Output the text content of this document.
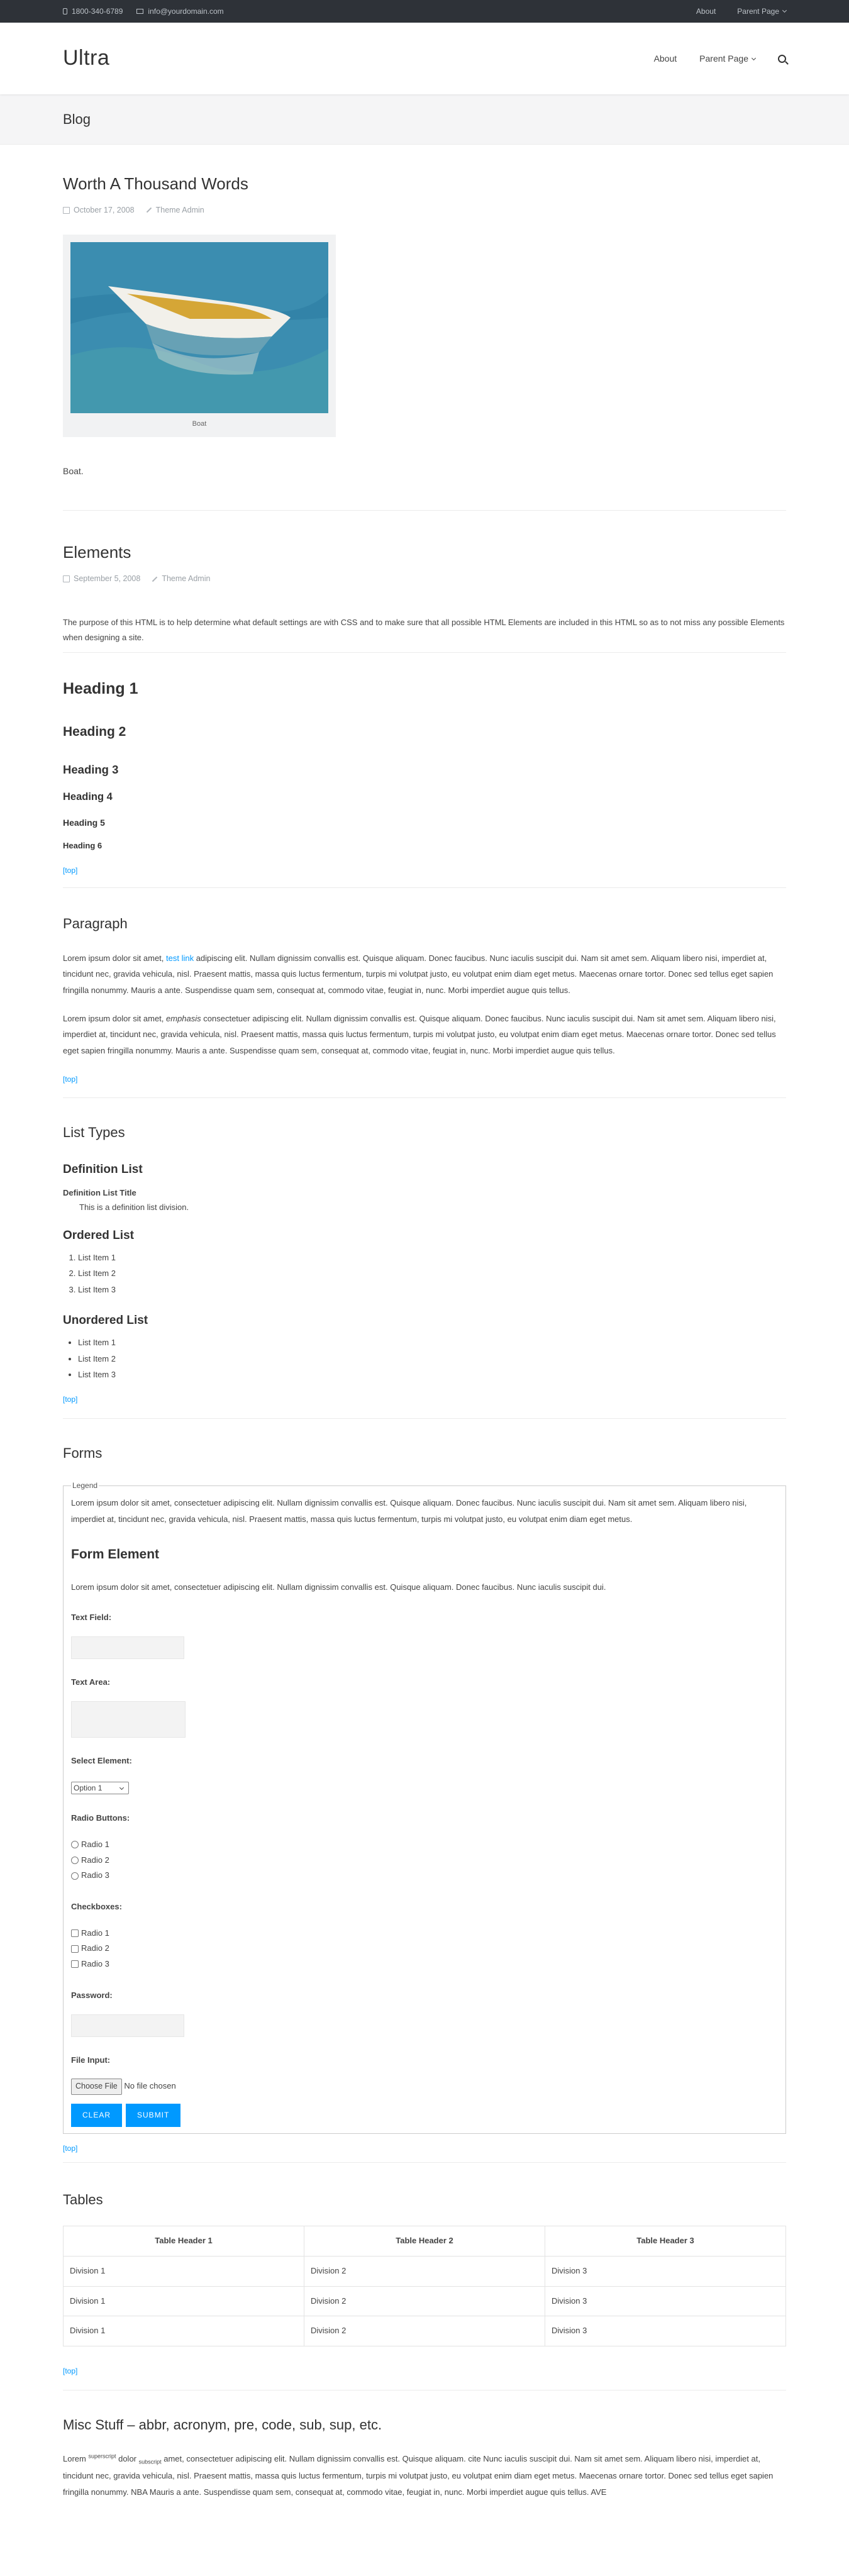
1800-340-6789	info@yourdomain.com	About	Parent Page
Ultra	About	Parent Page
Blog
Worth A Thousand Words
October 17, 2008	Theme Admin
Boat

Boat.

Elements
September 5, 2008	Theme Admin

The purpose of this HTML is to help determine what default settings are with CSS and to make sure that all possible HTML Elements are included in this HTML so as to not miss any possible Elements when designing a site.

Heading 1
Heading 2
Heading 3
Heading 4
Heading 5
Heading 6
[top]
Paragraph

Lorem ipsum dolor sit amet, test link adipiscing elit. Nullam dignissim convallis est. Quisque aliquam. Donec faucibus. Nunc iaculis suscipit dui. Nam sit amet sem. Aliquam libero nisi, imperdiet at, tincidunt nec, gravida vehicula, nisl. Praesent mattis, massa quis luctus fermentum, turpis mi volutpat justo, eu volutpat enim diam eget metus. Maecenas ornare tortor. Donec sed tellus eget sapien fringilla nonummy. Mauris a ante. Suspendisse quam sem, consequat at, commodo vitae, feugiat in, nunc. Morbi imperdiet augue quis tellus.

Lorem ipsum dolor sit amet, emphasis consectetuer adipiscing elit. Nullam dignissim convallis est. Quisque aliquam. Donec faucibus. Nunc iaculis suscipit dui. Nam sit amet sem. Aliquam libero nisi, imperdiet at, tincidunt nec, gravida vehicula, nisl. Praesent mattis, massa quis luctus fermentum, turpis mi volutpat justo, eu volutpat enim diam eget metus. Maecenas ornare tortor. Donec sed tellus eget sapien fringilla nonummy. Mauris a ante. Suspendisse quam sem, consequat at, commodo vitae, feugiat in, nunc. Morbi imperdiet augue quis tellus.

[top]
List Types
Definition List
Definition List Title
This is a definition list division.
Ordered List
1. List Item 1
2. List Item 2
3. List Item 3
Unordered List
• List Item 1
• List Item 2
• List Item 3
[top]
Forms
Legend

Lorem ipsum dolor sit amet, consectetuer adipiscing elit. Nullam dignissim convallis est. Quisque aliquam. Donec faucibus. Nunc iaculis suscipit dui. Nam sit amet sem. Aliquam libero nisi, imperdiet at, tincidunt nec, gravida vehicula, nisl. Praesent mattis, massa quis luctus fermentum, turpis mi volutpat justo, eu volutpat enim diam eget metus.

Form Element

Lorem ipsum dolor sit amet, consectetuer adipiscing elit. Nullam dignissim convallis est. Quisque aliquam. Donec faucibus. Nunc iaculis suscipit dui.

Text Field:
Text Area:
Select Element:
Option 1
Radio Buttons:
Radio 1
Radio 2
Radio 3
Checkboxes:
Radio 1
Radio 2
Radio 3
Password:
File Input:
Choose File No file chosen
CLEAR	SUBMIT
[top]
Tables
Table Header 1	Table Header 2	Table Header 3
Division 1	Division 2	Division 3
Division 1	Division 2	Division 3
Division 1	Division 2	Division 3
[top]
Misc Stuff – abbr, acronym, pre, code, sub, sup, etc.

Lorem $^{superscript}$ dolor $_{subscript}$ amet, consectetuer adipiscing elit. Nullam dignissim convallis est. Quisque aliquam. cite Nunc iaculis suscipit dui. Nam sit amet sem. Aliquam libero nisi, imperdiet at, tincidunt nec, gravida vehicula, nisl. Praesent mattis, massa quis luctus fermentum, turpis mi volutpat justo, eu volutpat enim diam eget metus. Maecenas ornare tortor. Donec sed tellus eget sapien fringilla nonummy. NBA Mauris a ante. Suspendisse quam sem, consequat at, commodo vitae, feugiat in, nunc. Morbi imperdiet augue quis tellus. AVE
